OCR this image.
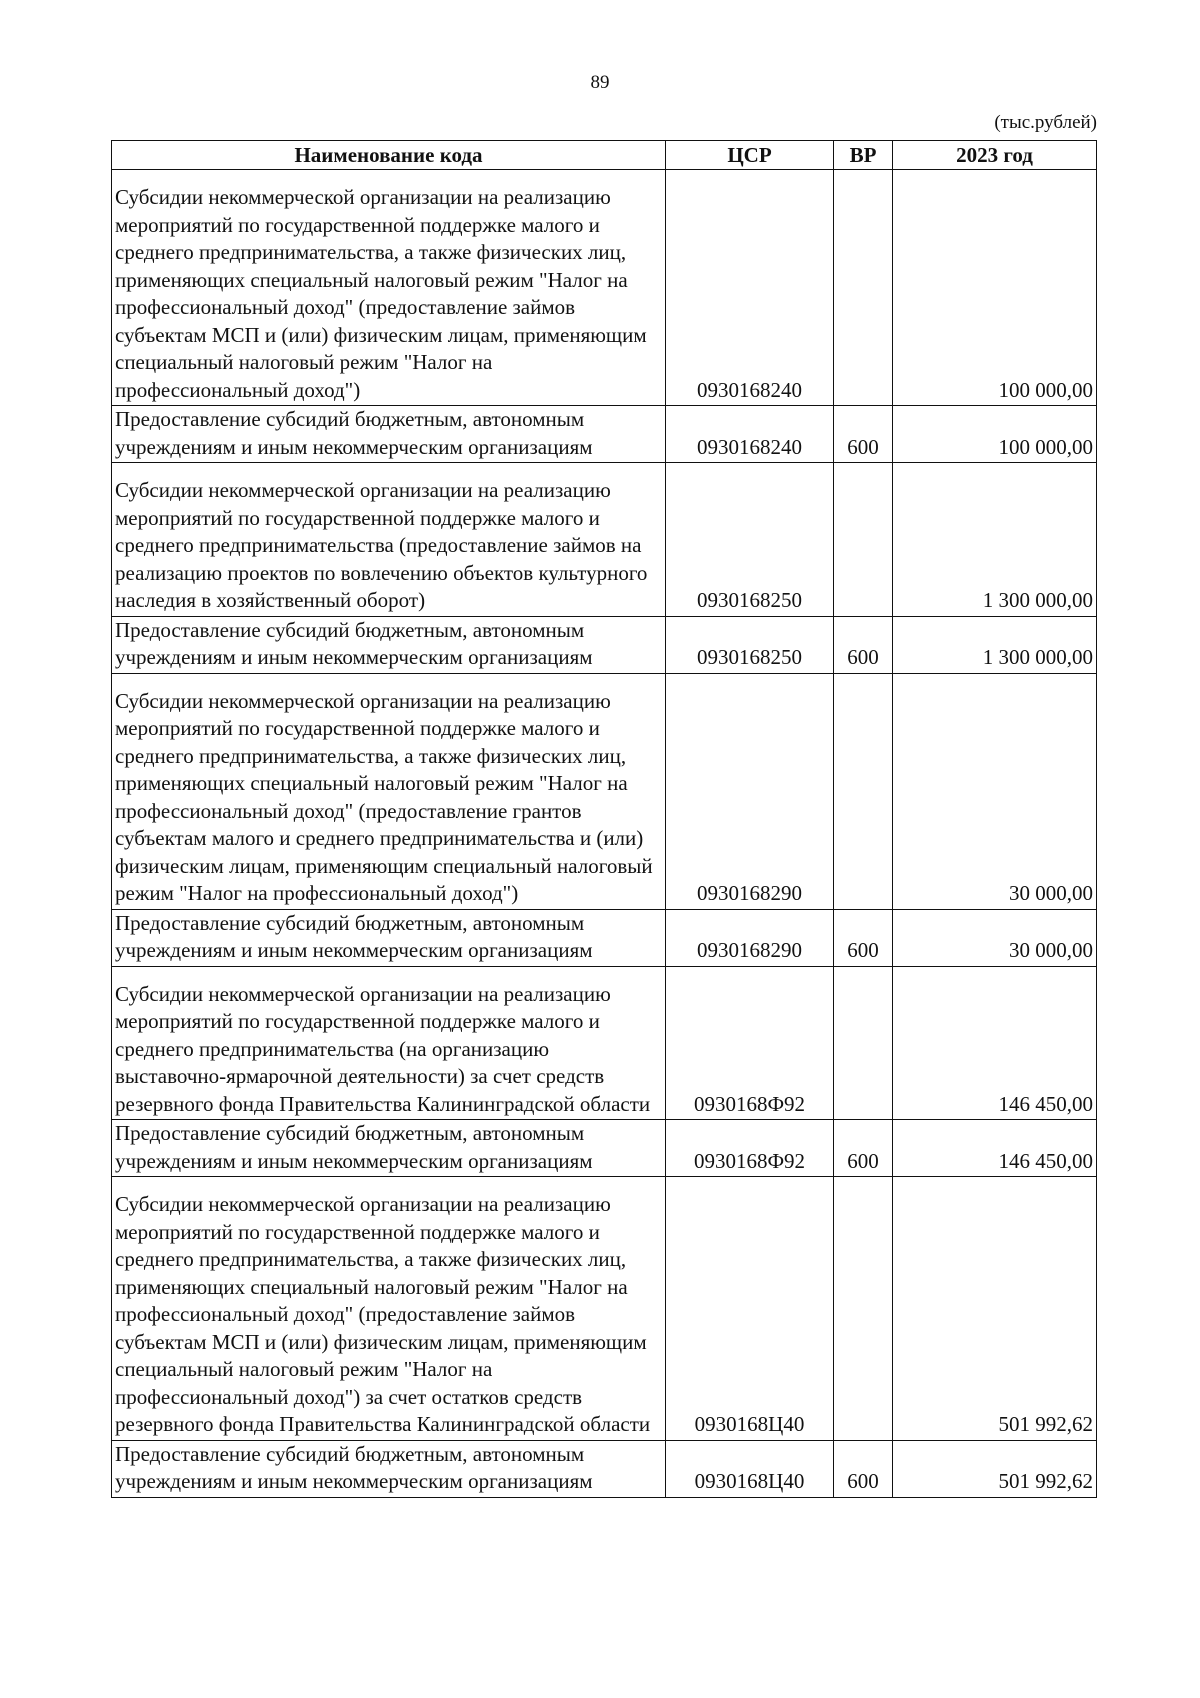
89
(тыс.рублей)
Наименование кода	ЦСР	ВР	2023 год
Субсидии некоммерческой организации на реализацию мероприятий по государственной поддержке малого и среднего предпринимательства, а также физических лиц, применяющих специальный налоговый режим "Налог на профессиональный доход" (предоставление займов субъектам МСП и (или) физическим лицам, применяющим специальный налоговый режим "Налог на профессиональный доход")	0930168240		100 000,00
Предоставление субсидий бюджетным, автономным учреждениям и иным некоммерческим организациям	0930168240	600	100 000,00
Субсидии некоммерческой организации на реализацию мероприятий по государственной поддержке малого и среднего предпринимательства (предоставление займов на реализацию проектов по вовлечению объектов культурного наследия в хозяйственный оборот)	0930168250		1 300 000,00
Предоставление субсидий бюджетным, автономным учреждениям и иным некоммерческим организациям	0930168250	600	1 300 000,00
Субсидии некоммерческой организации на реализацию мероприятий по государственной поддержке малого и среднего предпринимательства, а также физических лиц, применяющих специальный налоговый режим "Налог на профессиональный доход" (предоставление грантов субъектам малого и среднего предпринимательства и (или) физическим лицам, применяющим специальный налоговый режим "Налог на профессиональный доход")	0930168290		30 000,00
Предоставление субсидий бюджетным, автономным учреждениям и иным некоммерческим организациям	0930168290	600	30 000,00
Субсидии некоммерческой организации на реализацию мероприятий по государственной поддержке малого и среднего предпринимательства (на организацию выставочно-ярмарочной деятельности) за счет средств резервного фонда Правительства Калининградской области	0930168Ф92		146 450,00
Предоставление субсидий бюджетным, автономным учреждениям и иным некоммерческим организациям	0930168Ф92	600	146 450,00
Субсидии некоммерческой организации на реализацию мероприятий по государственной поддержке малого и среднего предпринимательства, а также физических лиц, применяющих специальный налоговый режим "Налог на профессиональный доход" (предоставление займов субъектам МСП и (или) физическим лицам, применяющим специальный налоговый режим "Налог на профессиональный доход") за счет остатков средств резервного фонда Правительства Калининградской области	0930168Ц40		501 992,62
Предоставление субсидий бюджетным, автономным учреждениям и иным некоммерческим организациям	0930168Ц40	600	501 992,62
